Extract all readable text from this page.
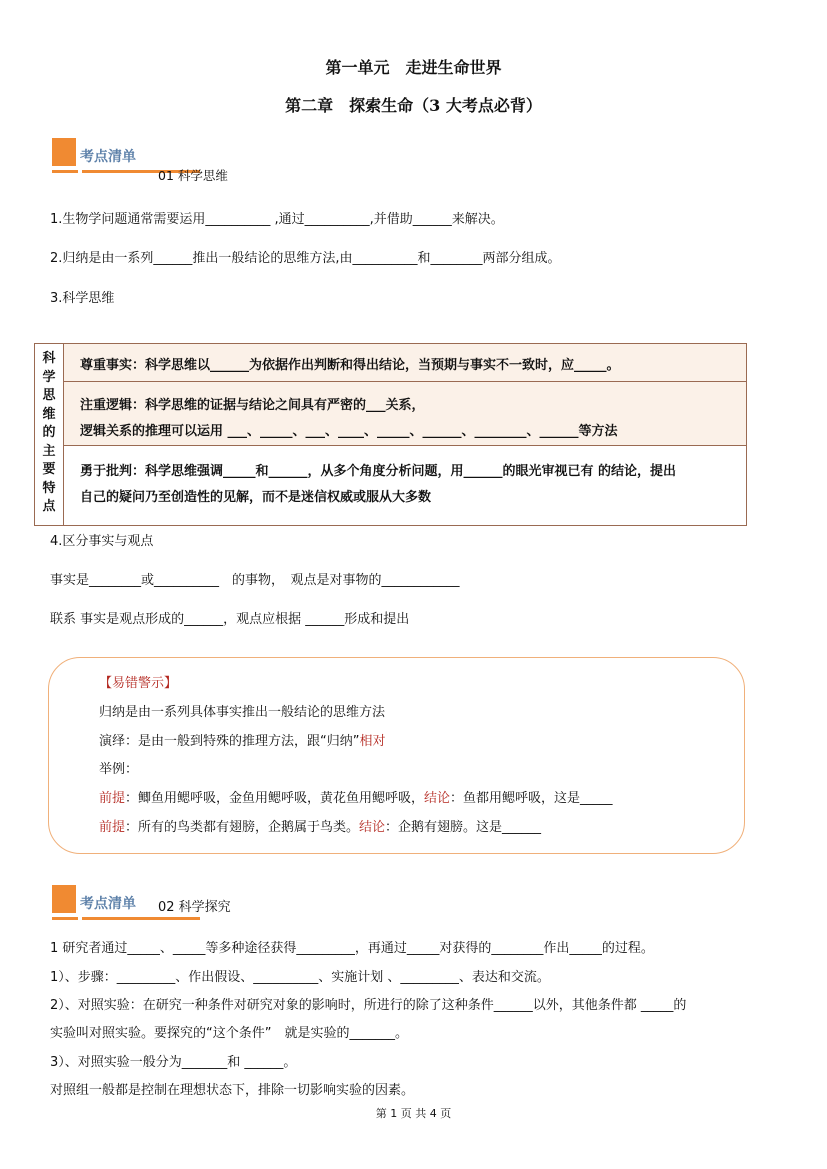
第一单元　走进生命世界
第二章　探索生命（3 大考点必背）
考点清单
01 科学思维
1.生物学问题通常需要运用__________ ,通过__________,并借助______来解决。
2.归纳是由一系列______推出一般结论的思维方法,由__________和________两部分组成。
3.科学思维
科
学
思
维
的
主
要
特
点
尊重事实：科学思维以______为依据作出判断和得出结论，当预期与事实不一致时，应_____。
注重逻辑：科学思维的证据与结论之间具有严密的___关系，
逻辑关系的推理可以运用 ___、_____、___、____、_____、______、________、______等方法
勇于批判：科学思维强调_____和______，从多个角度分析问题，用______的眼光审视已有 的结论，提出
自己的疑问乃至创造性的见解，而不是迷信权威或服从大多数
4.区分事实与观点
事实是________或__________　的事物，　观点是对事物的____________
联系 事实是观点形成的______，观点应根据 ______形成和提出
【易错警示】
归纳是由一系列具体事实推出一般结论的思维方法
演绎：是由一般到特殊的推理方法，跟“归纳”相对
举例：
前提：鲫鱼用鳃呼吸，金鱼用鳃呼吸，黄花鱼用鳃呼吸，结论：鱼都用鳃呼吸，这是_____
前提：所有的鸟类都有翅膀，企鹅属于鸟类。结论：企鹅有翅膀。这是______
考点清单 02 科学探究
1 研究者通过_____、_____等多种途径获得_________，再通过_____对获得的________作出_____的过程。
1）、步骤：_________、作出假设、__________、实施计划 、_________、表达和交流。
2）、对照实验：在研究一种条件对研究对象的影响时，所进行的除了这种条件______以外，其他条件都 _____的
实验叫对照实验。要探究的“这个条件”　就是实验的_______。
3）、对照实验一般分为_______和 ______。
对照组一般都是控制在理想状态下，排除一切影响实验的因素。
第 1 页 共 4 页
